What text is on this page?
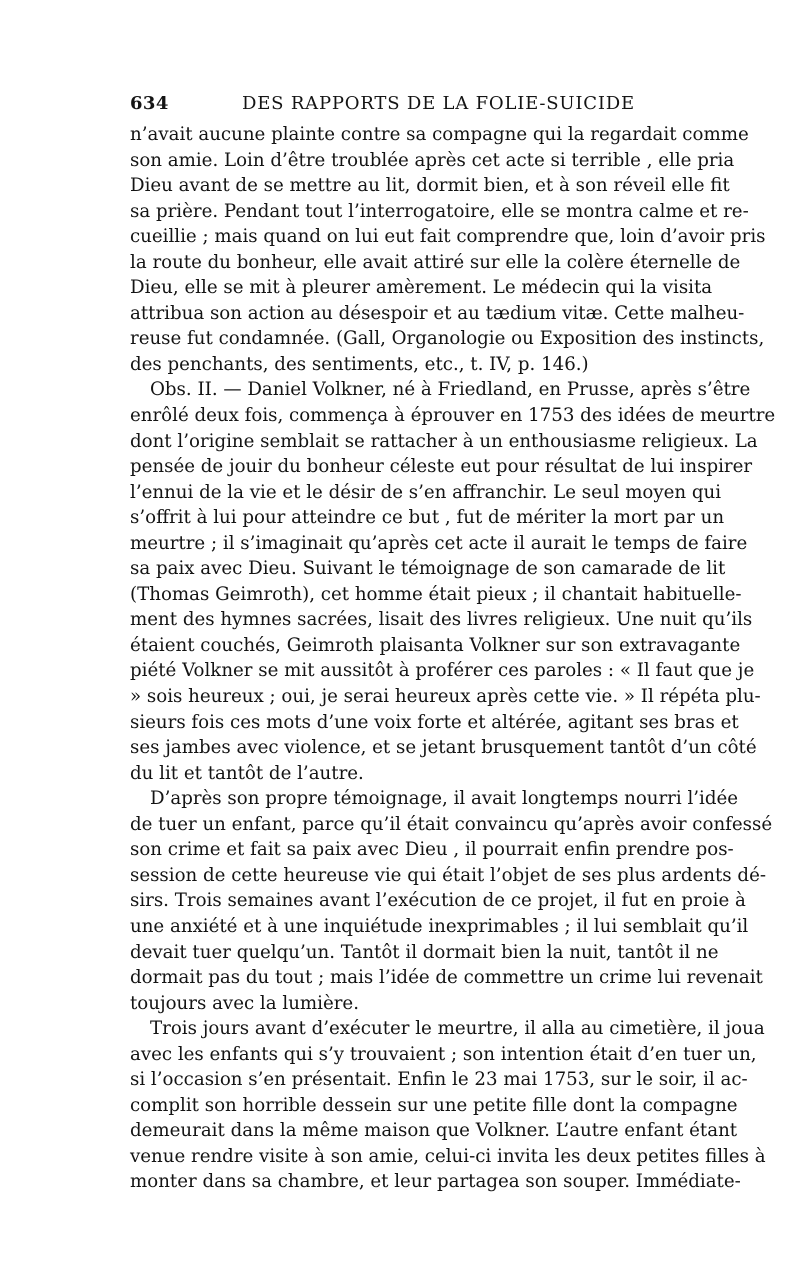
634	DES RAPPORTS DE LA FOLIE-SUICIDE
n’avait aucune plainte contre sa compagne qui la regardait comme
son amie. Loin d’être troublée après cet acte si terrible , elle pria
Dieu avant de se mettre au lit, dormit bien, et à son réveil elle fit
sa prière. Pendant tout l’interrogatoire, elle se montra calme et re-
cueillie ; mais quand on lui eut fait comprendre que, loin d’avoir pris
la route du bonheur, elle avait attiré sur elle la colère éternelle de
Dieu, elle se mit à pleurer amèrement. Le médecin qui la visita
attribua son action au désespoir et au tædium vitæ. Cette malheu-
reuse fut condamnée. (Gall, Organologie ou Exposition des instincts,
des penchants, des sentiments, etc., t. IV, p. 146.)
Obs. II. — Daniel Volkner, né à Friedland, en Prusse, après s’être
enrôlé deux fois, commença à éprouver en 1753 des idées de meurtre
dont l’origine semblait se rattacher à un enthousiasme religieux. La
pensée de jouir du bonheur céleste eut pour résultat de lui inspirer
l’ennui de la vie et le désir de s’en affranchir. Le seul moyen qui
s’offrit à lui pour atteindre ce but , fut de mériter la mort par un
meurtre ; il s’imaginait qu’après cet acte il aurait le temps de faire
sa paix avec Dieu. Suivant le témoignage de son camarade de lit
(Thomas Geimroth), cet homme était pieux ; il chantait habituelle-
ment des hymnes sacrées, lisait des livres religieux. Une nuit qu’ils
étaient couchés, Geimroth plaisanta Volkner sur son extravagante
piété Volkner se mit aussitôt à proférer ces paroles : « Il faut que je
» sois heureux ; oui, je serai heureux après cette vie. » Il répéta plu-
sieurs fois ces mots d’une voix forte et altérée, agitant ses bras et
ses jambes avec violence, et se jetant brusquement tantôt d’un côté
du lit et tantôt de l’autre.
D’après son propre témoignage, il avait longtemps nourri l’idée
de tuer un enfant, parce qu’il était convaincu qu’après avoir confessé
son crime et fait sa paix avec Dieu , il pourrait enfin prendre pos-
session de cette heureuse vie qui était l’objet de ses plus ardents dé-
sirs. Trois semaines avant l’exécution de ce projet, il fut en proie à
une anxiété et à une inquiétude inexprimables ; il lui semblait qu’il
devait tuer quelqu’un. Tantôt il dormait bien la nuit, tantôt il ne
dormait pas du tout ; mais l’idée de commettre un crime lui revenait
toujours avec la lumière.
Trois jours avant d’exécuter le meurtre, il alla au cimetière, il joua
avec les enfants qui s’y trouvaient ; son intention était d’en tuer un,
si l’occasion s’en présentait. Enfin le 23 mai 1753, sur le soir, il ac-
complit son horrible dessein sur une petite fille dont la compagne
demeurait dans la même maison que Volkner. L’autre enfant étant
venue rendre visite à son amie, celui-ci invita les deux petites filles à
monter dans sa chambre, et leur partagea son souper. Immédiate-
